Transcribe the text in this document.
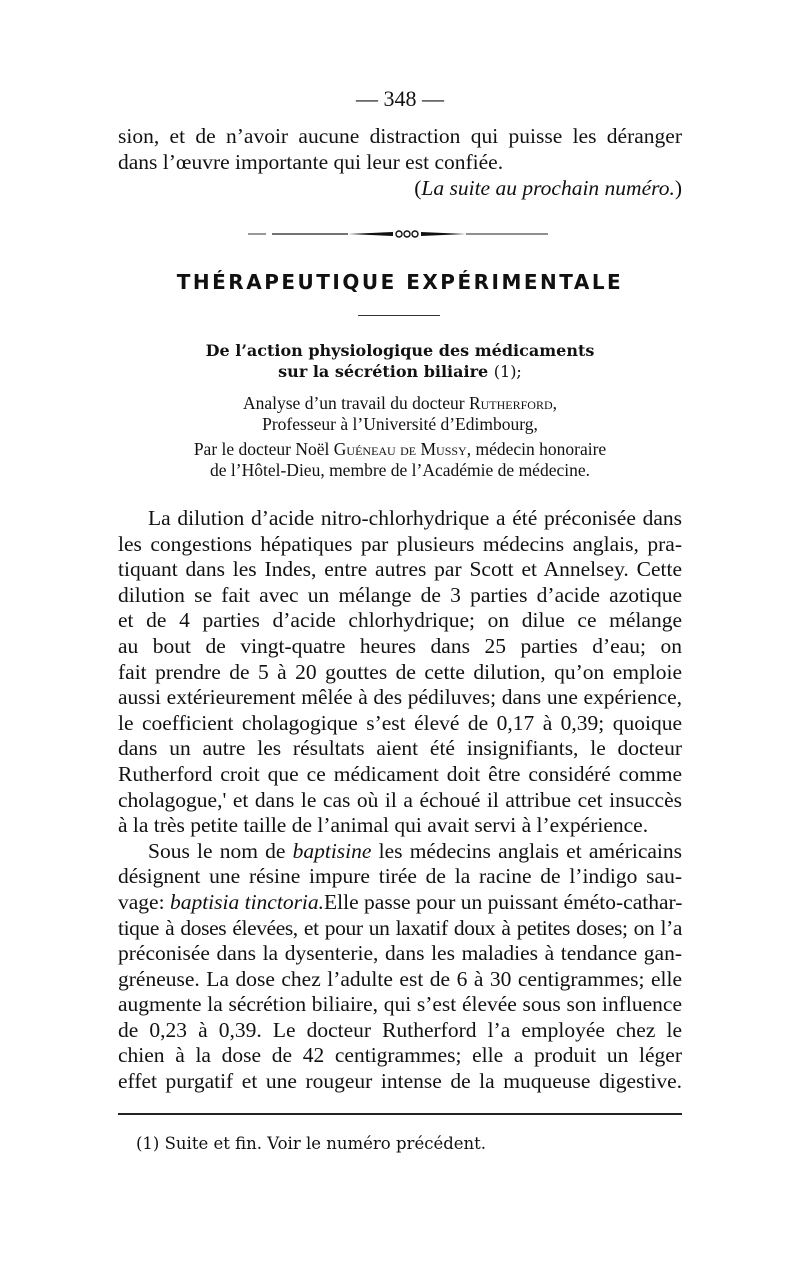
— 348 —
sion, et de n’avoir aucune distraction qui puisse les déranger
dans l’œuvre importante qui leur est confiée.
(La suite au prochain numéro.)
THÉRAPEUTIQUE EXPÉRIMENTALE
De l’action physiologique des médicaments
sur la sécrétion biliaire (1);
Analyse d’un travail du docteur Rutherford,
Professeur à l’Université d’Edimbourg,
Par le docteur Noël Guéneau de Mussy, médecin honoraire
de l’Hôtel-Dieu, membre de l’Académie de médecine.
La dilution d’acide nitro-chlorhydrique a été préconisée dans
les congestions hépatiques par plusieurs médecins anglais, pra-
tiquant dans les Indes, entre autres par Scott et Annelsey. Cette
dilution se fait avec un mélange de 3 parties d’acide azotique
et de 4 parties d’acide chlorhydrique; on dilue ce mélange
au bout de vingt-quatre heures dans 25 parties d’eau; on
fait prendre de 5 à 20 gouttes de cette dilution, qu’on emploie
aussi extérieurement mêlée à des pédiluves; dans une expérience,
le coefficient cholagogique s’est élevé de 0,17 à 0,39; quoique
dans un autre les résultats aient été insignifiants, le docteur
Rutherford croit que ce médicament doit être considéré comme
cholagogue,' et dans le cas où il a échoué il attribue cet insuccès
à la très petite taille de l’animal qui avait servi à l’expérience.
Sous le nom de baptisine les médecins anglais et américains
désignent une résine impure tirée de la racine de l’indigo sau-
vage: baptisia tinctoria.Elle passe pour un puissant éméto-cathar-
tique à doses élevées, et pour un laxatif doux à petites doses; on l’a
préconisée dans la dysenterie, dans les maladies à tendance gan-
gréneuse. La dose chez l’adulte est de 6 à 30 centigrammes; elle
augmente la sécrétion biliaire, qui s’est élevée sous son influence
de 0,23 à 0,39. Le docteur Rutherford l’a employée chez le
chien à la dose de 42 centigrammes; elle a produit un léger
effet purgatif et une rougeur intense de la muqueuse digestive.
(1) Suite et fin. Voir le numéro précédent.
